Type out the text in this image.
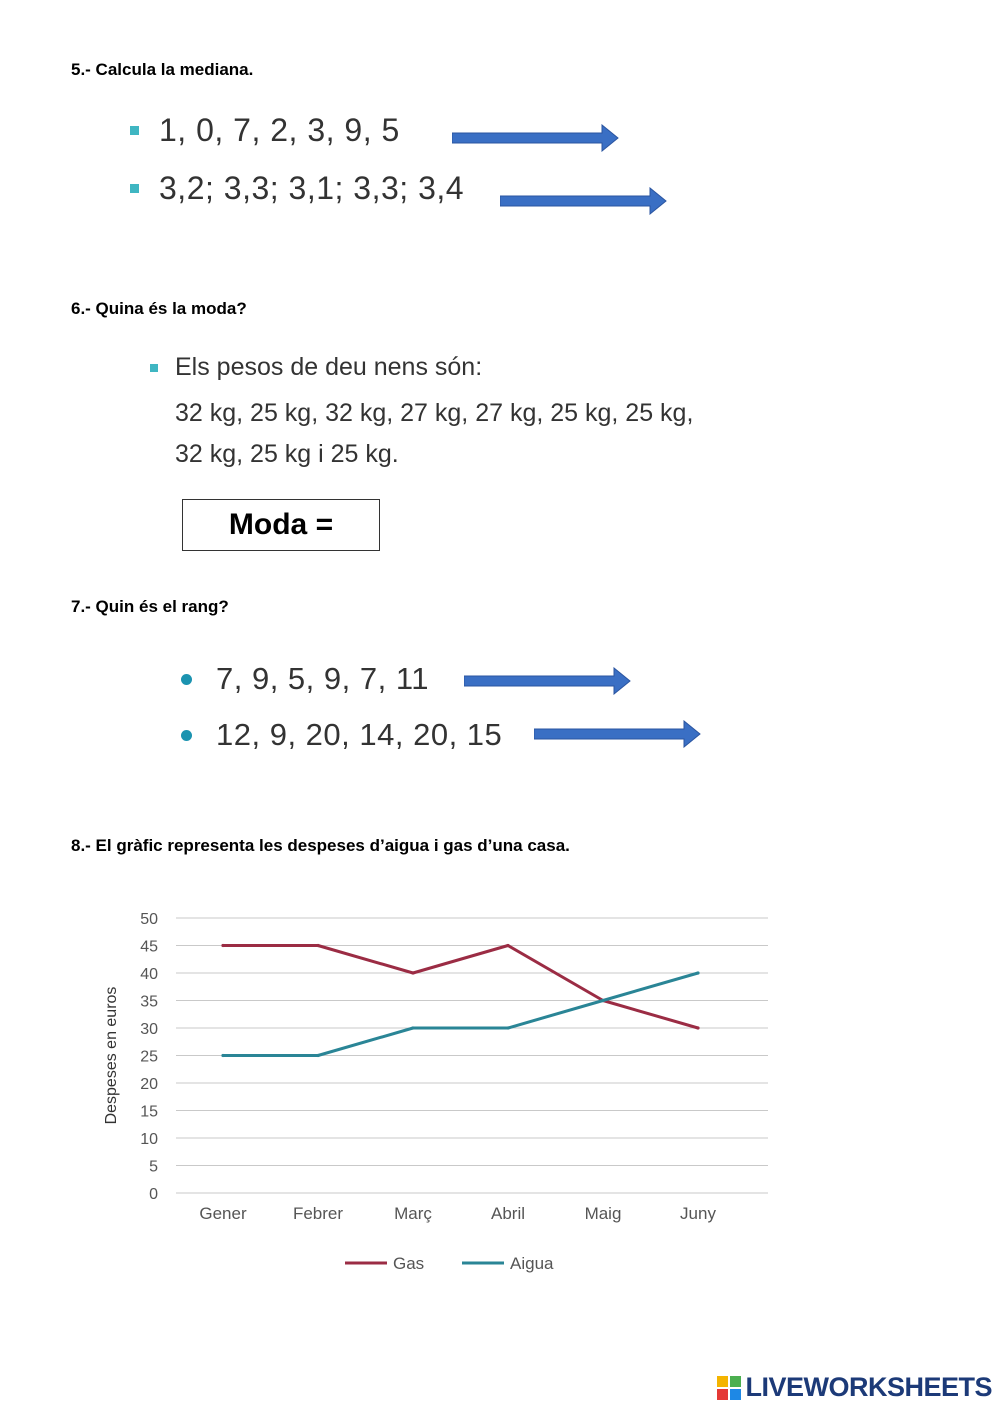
5.- Calcula la mediana.
1, 0, 7, 2, 3, 9, 5
3,2; 3,3; 3,1; 3,3; 3,4
6.- Quina és la moda?
Els pesos de deu nens són:
32 kg, 25 kg, 32 kg, 27 kg, 27 kg, 25 kg, 25 kg,
32 kg, 25 kg i 25 kg.
Moda =
7.- Quin és el rang?
7, 9, 5, 9, 7, 11
12, 9, 20, 14, 20, 15
8.- El gràfic representa les despeses d’aigua i gas d’una casa.
0
5
10
15
20
25
30
35
40
45
50
Gener	Febrer	Març	Abril	Maig	Juny
Despeses en euros
Gas	Aigua
LIVEWORKSHEETS
